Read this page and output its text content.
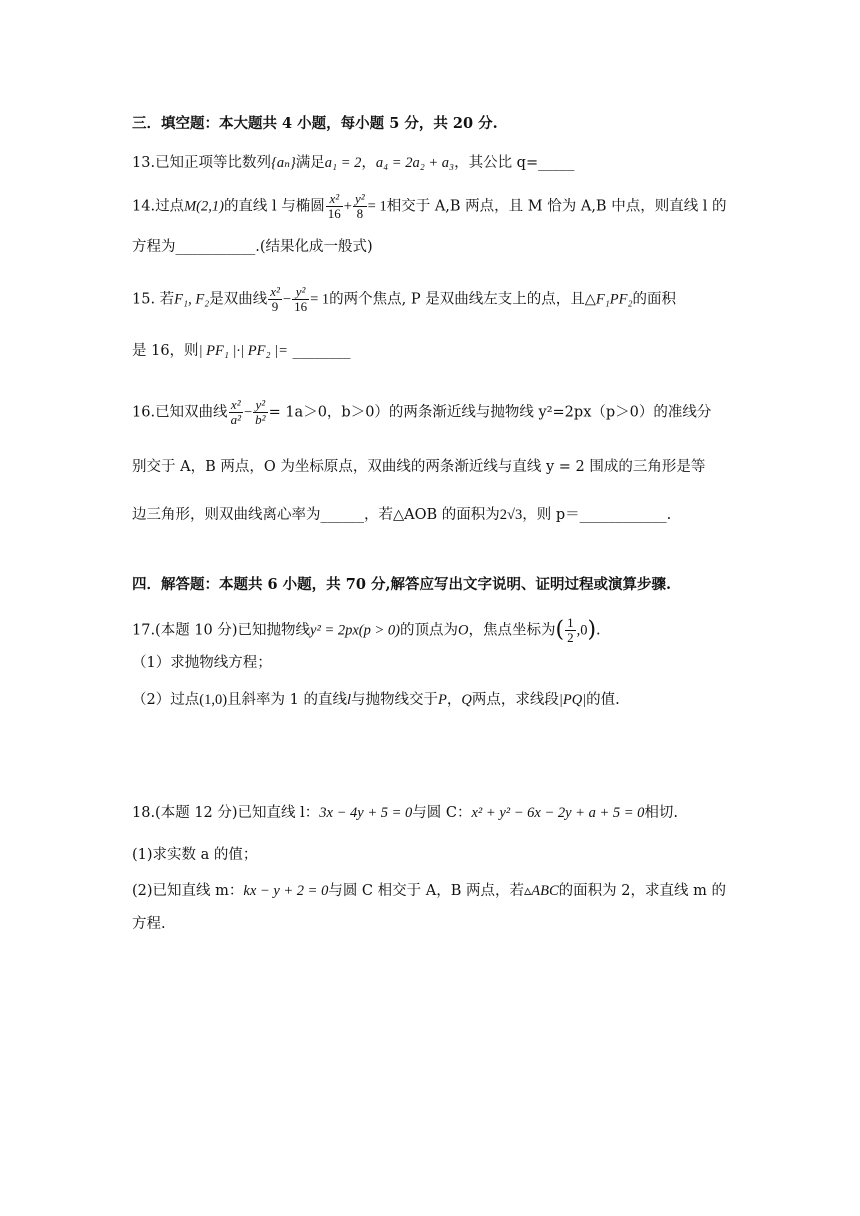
三．填空题：本大题共 4 小题，每小题 5 分，共 20 分.
13.已知正项等比数列{aₙ}满足a₁ = 2，a₄ = 2a₂ + a₃，其公比 q=_____
14.过点M(2,1)的直线 l 与椭圆 $\frac{\text{x²}}{16} + \frac{\text{y²}}{8} = 1$相交于 A,B 两点，且 M 恰为 A,B 中点，则直线 l 的
方程为___________.(结果化成一般式)
15. 若F₁, F₂是双曲线 $\frac{\text{x²}}{9} - \frac{\text{y²}}{16} = 1$的两个焦点, P 是双曲线左支上的点，且△F₁PF₂的面积
是 16，则| PF₁ |·| PF₂ |= ________
16.已知双曲线 $\frac{\text{x²}}{\text{a²}} - \frac{\text{y²}}{\text{b²}} = 1a>0$，b＞0）的两条渐近线与抛物线 y²=2px（p＞0）的准线分
别交于 A，B 两点，O 为坐标原点，双曲线的两条渐近线与直线 y = 2 围成的三角形是等
边三角形，则双曲线离心率为______，若△AOB 的面积为2√3，则 p＝____________.
四．解答题：本题共 6 小题，共 70 分,解答应写出文字说明、证明过程或演算步骤.
17.(本题 10 分)已知抛物线y² = 2px(p > 0)的顶点为O，焦点坐标为( $\frac{1}{2} ,0$).
（1）求抛物线方程；
（2）过点(1,0)且斜率为 1 的直线l与抛物线交于P，Q两点，求线段|PQ|的值.
18.(本题 12 分)已知直线 l：3x − 4y + 5 = 0与圆 C：x² + y² − 6x − 2y + a + 5 = 0相切.
(1)求实数 a 的值；
(2)已知直线 m：kx − y + 2 = 0与圆 C 相交于 A，B 两点，若▵ABC的面积为 2，求直线 m 的
方程.
